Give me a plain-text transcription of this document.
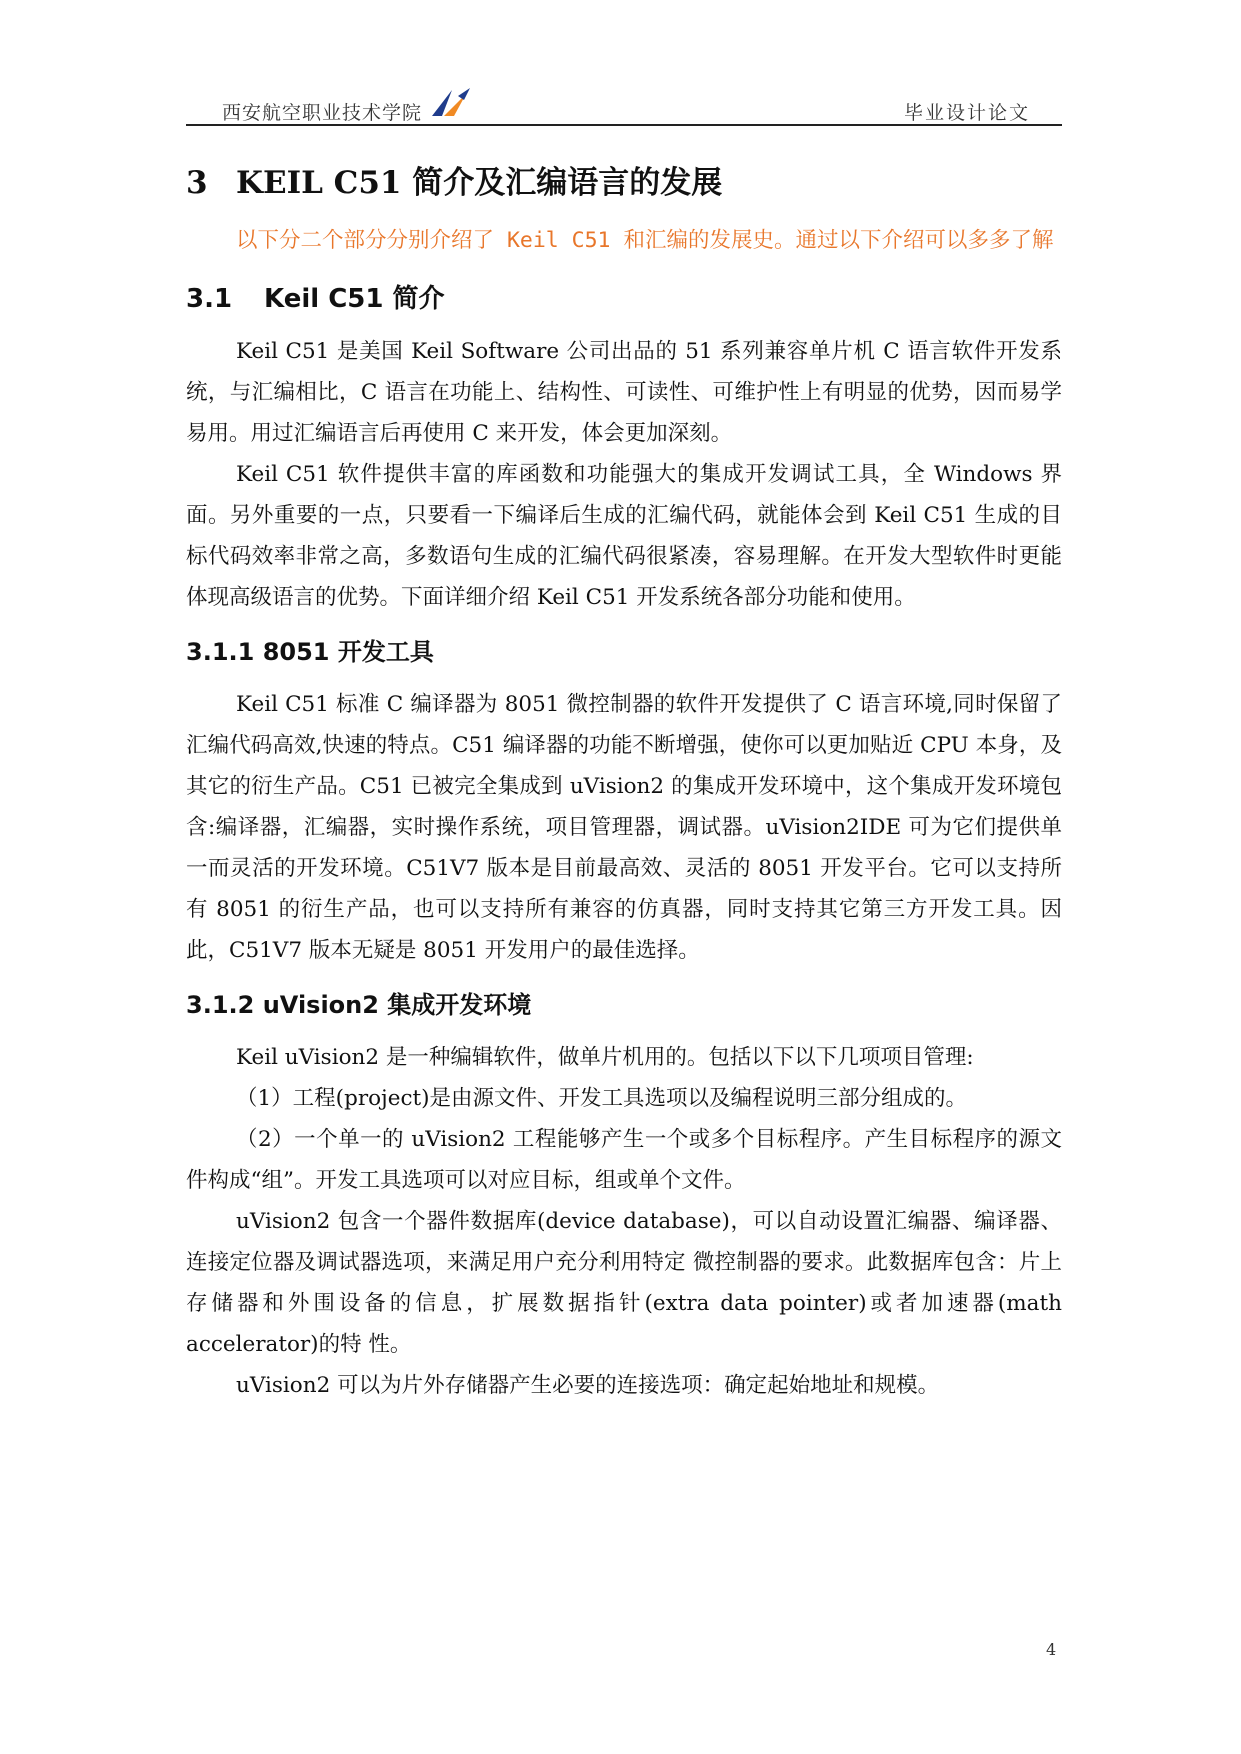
西安航空职业技术学院	毕业设计论文
3 KEIL C51 简介及汇编语言的发展

以下分二个部分分别介绍了 Keil C51 和汇编的发展史。通过以下介绍可以多多了解

3.1 Keil C51 简介

Keil C51 是美国 Keil Software 公司出品的 51 系列兼容单片机 C 语言软件开发系统，与汇编相比，C 语言在功能上、结构性、可读性、可维护性上有明显的优势，因而易学易用。用过汇编语言后再使用 C 来开发，体会更加深刻。

Keil C51 软件提供丰富的库函数和功能强大的集成开发调试工具，全 Windows 界面。另外重要的一点，只要看一下编译后生成的汇编代码，就能体会到 Keil C51 生成的目标代码效率非常之高，多数语句生成的汇编代码很紧凑，容易理解。在开发大型软件时更能体现高级语言的优势。下面详细介绍 Keil C51 开发系统各部分功能和使用。

3.1.1 8051 开发工具

Keil C51 标准 C 编译器为 8051 微控制器的软件开发提供了 C 语言环境,同时保留了汇编代码高效,快速的特点。C51 编译器的功能不断增强，使你可以更加贴近 CPU 本身，及其它的衍生产品。C51 已被完全集成到 uVision2 的集成开发环境中，这个集成开发环境包含:编译器，汇编器，实时操作系统，项目管理器，调试器。uVision2IDE 可为它们提供单一而灵活的开发环境。C51V7 版本是目前最高效、灵活的 8051 开发平台。它可以支持所有 8051 的衍生产品，也可以支持所有兼容的仿真器，同时支持其它第三方开发工具。因此，C51V7 版本无疑是 8051 开发用户的最佳选择。

3.1.2 uVision2 集成开发环境

Keil uVision2 是一种编辑软件，做单片机用的。包括以下以下几项项目管理:

（1）工程(project)是由源文件、开发工具选项以及编程说明三部分组成的。

（2）一个单一的 uVision2 工程能够产生一个或多个目标程序。产生目标程序的源文件构成“组”。开发工具选项可以对应目标，组或单个文件。

uVision2 包含一个器件数据库(device database)，可以自动设置汇编器、编译器、连接定位器及调试器选项，来满足用户充分利用特定 微控制器的要求。此数据库包含：片上存储器和外围设备的信息，扩展数据指针(extra data pointer)或者加速器(math accelerator)的特 性。

uVision2 可以为片外存储器产生必要的连接选项：确定起始地址和规模。

4
